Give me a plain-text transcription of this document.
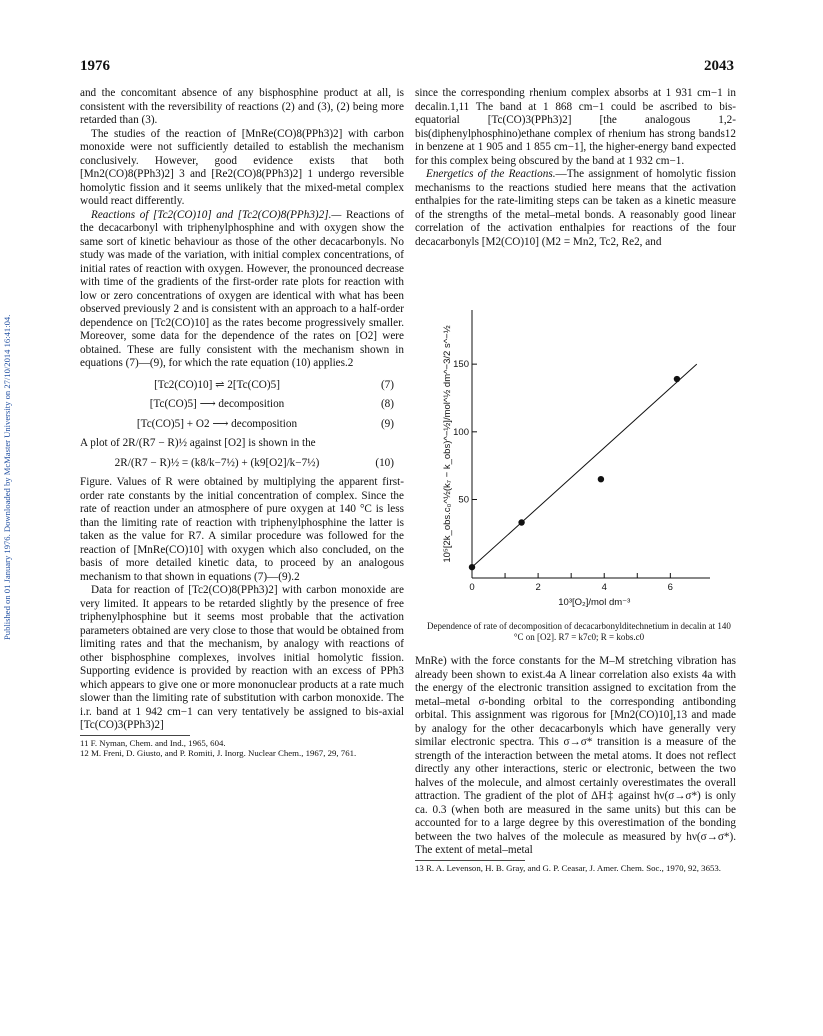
1976	2043
Published on 01 January 1976. Downloaded by McMaster University on 27/10/2014 16:41:04.

and the concomitant absence of any bisphosphine product at all, is consistent with the reversibility of reactions (2) and (3), (2) being more retarded than (3).

The studies of the reaction of [MnRe(CO)8(PPh3)2] with carbon monoxide were not sufficiently detailed to establish the mechanism conclusively. However, good evidence exists that both [Mn2(CO)8(PPh3)2] 3 and [Re2(CO)8(PPh3)2] 1 undergo reversible homolytic fission and it seems unlikely that the mixed-metal complex would react differently.

Reactions of [Tc2(CO)10] and [Tc2(CO)8(PPh3)2].— Reactions of the decacarbonyl with triphenylphosphine and with oxygen show the same sort of kinetic behaviour as those of the other decacarbonyls. No study was made of the variation, with initial complex concentrations, of initial rates of reaction with oxygen. However, the pronounced decrease with time of the gradients of the first-order rate plots for reaction with low or zero concentrations of oxygen are identical with what has been observed previously 2 and is consistent with an approach to a half-order dependence on [Tc2(CO)10] as the rates become progressively smaller. Moreover, some data for the dependence of the rates on [O2] were obtained. These are fully consistent with the mechanism shown in equations (7)—(9), for which the rate equation (10) applies.2

[Tc2(CO)10] ⇌ 2[Tc(CO)5]	(7)
[Tc(CO)5] ⟶ decomposition	(8)
[Tc(CO)5] + O2 ⟶ decomposition	(9)

A plot of 2R/(R7 − R)½ against [O2] is shown in the

2R/(R7 − R)½ = (k8/k−7½) + (k9[O2]/k−7½)	(10)

Figure. Values of R were obtained by multiplying the apparent first-order rate constants by the initial concentration of complex. Since the rate of reaction under an atmosphere of pure oxygen at 140 °C is less than the limiting rate of reaction with triphenylphosphine the latter is taken as the value for R7. A similar procedure was followed for the reaction of [MnRe(CO)10] with oxygen which also concluded, on the basis of more detailed kinetic data, to proceed by an analogous mechanism to that shown in equations (7)—(9).2

Data for reaction of [Tc2(CO)8(PPh3)2] with carbon monoxide are very limited. It appears to be retarded slightly by the presence of free triphenylphosphine but it seems most probable that the activation parameters obtained are very close to those that would be obtained from limiting rates and that the mechanism, by analogy with reactions of other bisphosphine complexes, involves initial homolytic fission. Supporting evidence is provided by reaction with an excess of PPh3 which appears to give one or more mononuclear products at a rate much slower than the limiting rate of substitution with carbon monoxide. The i.r. band at 1 942 cm−1 can very tentatively be assigned to bis-axial [Tc(CO)3(PPh3)2]

11 F. Nyman, Chem. and Ind., 1965, 604.

12 M. Freni, D. Giusto, and P. Romiti, J. Inorg. Nuclear Chem., 1967, 29, 761.

since the corresponding rhenium complex absorbs at 1 931 cm−1 in decalin.1,11 The band at 1 868 cm−1 could be ascribed to bis-equatorial [Tc(CO)3(PPh3)2] [the analogous 1,2-bis(diphenylphosphino)ethane complex of rhenium has strong bands12 in benzene at 1 905 and 1 855 cm−1], the higher-energy band expected for this complex being obscured by the band at 1 932 cm−1.

Energetics of the Reactions.—The assignment of homolytic fission mechanisms to the reactions studied here means that the activation enthalpies for the rate-limiting steps can be taken as a kinetic measure of the strengths of the metal–metal bonds. A reasonably good linear correlation of the activation enthalpies for reactions of the four decacarbonyls [M2(CO)10] (M2 = Mn2, Tc2, Re2, and

50
100
150
0	2	4	6
10³[O₂]/mol dm⁻³
10⁵[2k_obs.c₀^½(k₇ − k_obs)^−½]/mol^½ dm^−3/2 s^−½
Dependence of rate of decomposition of decacarbonylditechnetium in decalin at 140 °C on [O2]. R7 = k7c0; R = kobs.c0

MnRe) with the force constants for the M–M stretching vibration has already been shown to exist.4a A linear correlation also exists 4a with the energy of the electronic transition assigned to excitation from the metal–metal σ-bonding orbital to the corresponding antibonding orbital. This assignment was rigorous for [Mn2(CO)10],13 and made by analogy for the other decacarbonyls which have generally very similar electronic spectra. This σ→σ* transition is a measure of the strength of the interaction between the metal atoms. It does not reflect directly any other interactions, steric or electronic, between the two halves of the molecule, and almost certainly overestimates the overall attraction. The gradient of the plot of ΔH‡ against hν(σ→σ*) is only ca. 0.3 (when both are measured in the same units) but this can be accounted for to a large degree by this overestimation of the bonding between the two halves of the molecule as measured by hν(σ→σ*). The extent of metal–metal

13 R. A. Levenson, H. B. Gray, and G. P. Ceasar, J. Amer. Chem. Soc., 1970, 92, 3653.
